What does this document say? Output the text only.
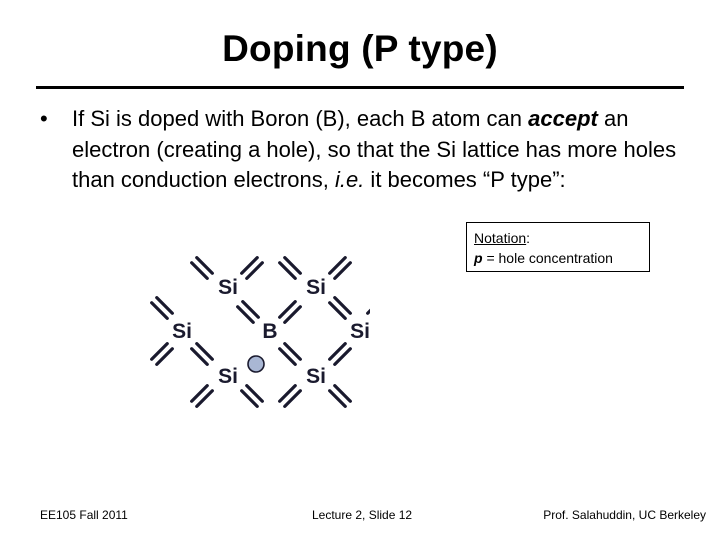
Doping (P type)
•	If Si is doped with Boron (B), each B atom can accept an electron (creating a hole), so that the Si lattice has more holes than conduction electrons, i.e. it becomes “P type”:
Notation:
p = hole concentration
Si	Si
Si	B	Si
Si	Si
EE105 Fall 2011	Lecture 2, Slide 12	Prof. Salahuddin, UC Berkeley
